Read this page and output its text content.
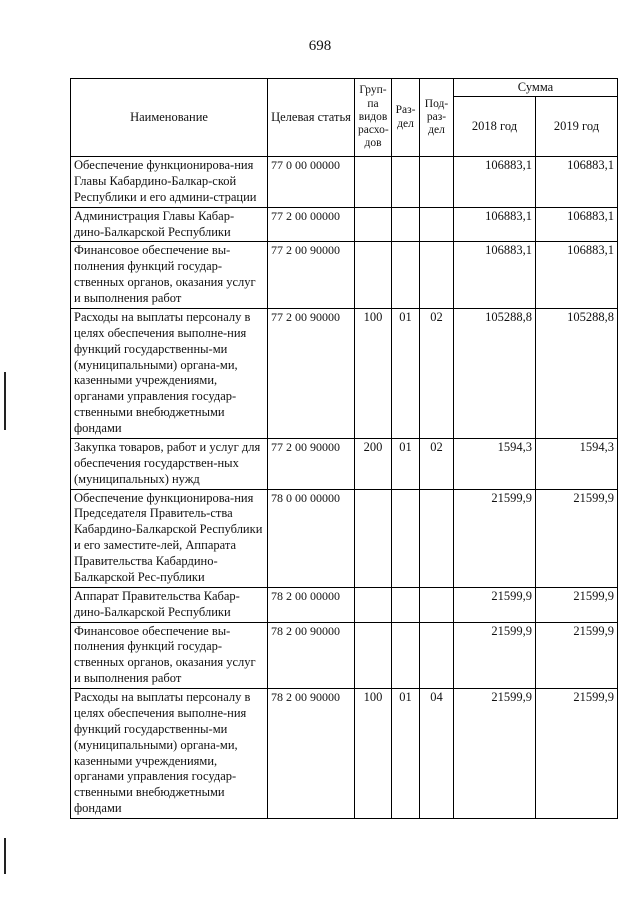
698
Наименование	Целевая статья	Груп-па видов расхо-дов	Раз-дел	Под-раз-дел	Сумма	
					2018 год	2019 год
Обеспечение функционирова-ния Главы Кабардино-Балкар-ской Республики и его админи-страции	77 0 00 00000				106883,1	106883,1
Администрация Главы Кабар-дино-Балкарской Республики	77 2 00 00000				106883,1	106883,1
Финансовое обеспечение вы-полнения функций государ-ственных органов, оказания услуг и выполнения работ	77 2 00 90000				106883,1	106883,1
Расходы на выплаты персоналу в целях обеспечения выполне-ния функций государственны-ми (муниципальными) органа-ми, казенными учреждениями, органами управления государ-ственными внебюджетными фондами	77 2 00 90000	100	01	02	105288,8	105288,8
Закупка товаров, работ и услуг для обеспечения государствен-ных (муниципальных) нужд	77 2 00 90000	200	01	02	1594,3	1594,3
Обеспечение функционирова-ния Председателя Правитель-ства Кабардино-Балкарской Республики и его заместите-лей, Аппарата Правительства Кабардино-Балкарской Рес-публики	78 0 00 00000				21599,9	21599,9
Аппарат Правительства Кабар-дино-Балкарской Республики	78 2 00 00000				21599,9	21599,9
Финансовое обеспечение вы-полнения функций государ-ственных органов, оказания услуг и выполнения работ	78 2 00 90000				21599,9	21599,9
Расходы на выплаты персоналу в целях обеспечения выполне-ния функций государственны-ми (муниципальными) органа-ми, казенными учреждениями, органами управления государ-ственными внебюджетными фондами	78 2 00 90000	100	01	04	21599,9	21599,9
